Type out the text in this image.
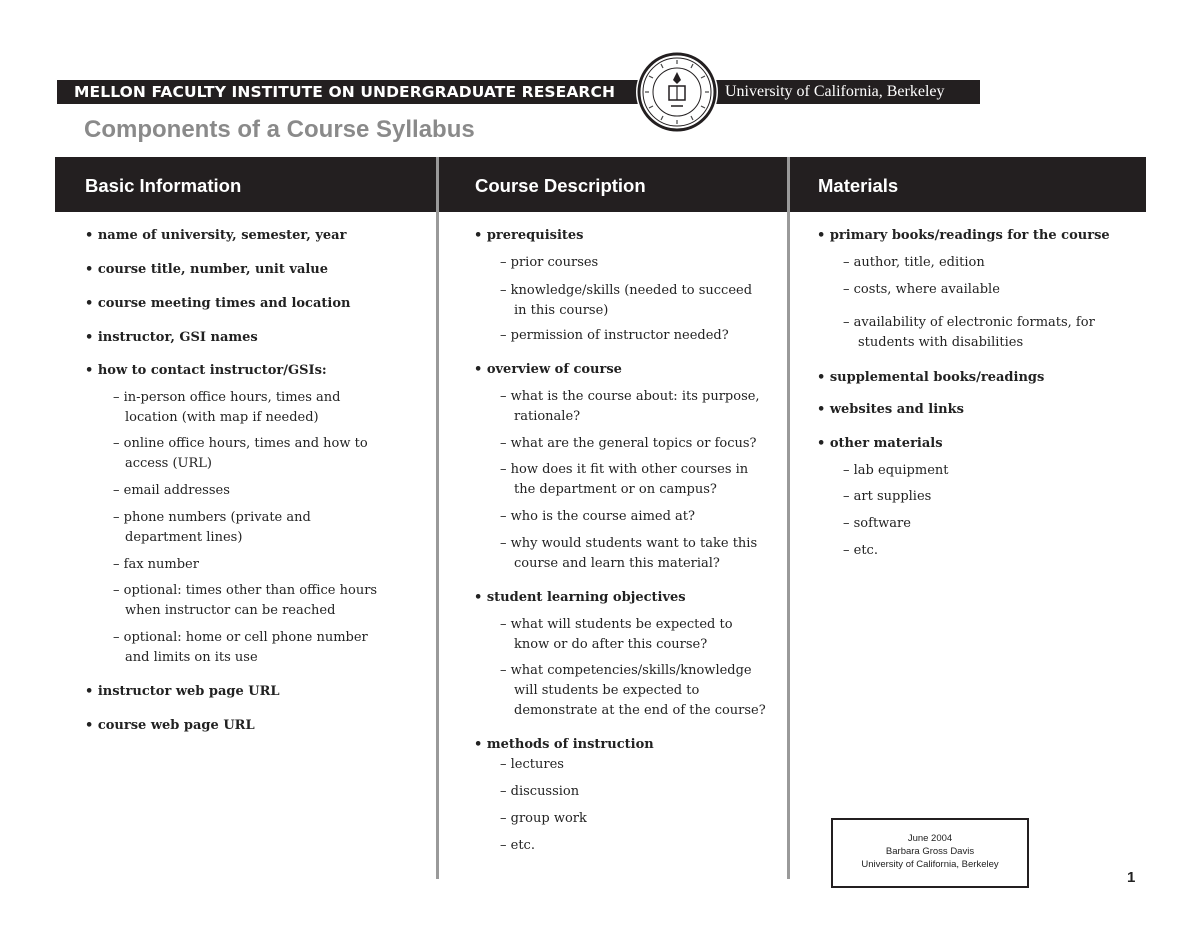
MELLON FACULTY INSTITUTE ON UNDERGRADUATE RESEARCH	University of California, Berkeley
Components of a Course Syllabus
Basic Information	Course Description	Materials
• name of university, semester, year
• course title, number, unit value
• course meeting times and location
• instructor, GSI names
• how to contact instructor/GSIs:
– in-person office hours, times and
location (with map if needed)
– online office hours, times and how to
access (URL)
– email addresses
– phone numbers (private and
department lines)
– fax number
– optional: times other than office hours
when instructor can be reached
– optional: home or cell phone number
and limits on its use
• instructor web page URL
• course web page URL
• prerequisites
– prior courses
– knowledge/skills (needed to succeed
in this course)
– permission of instructor needed?
• overview of course
– what is the course about: its purpose,
rationale?
– what are the general topics or focus?
– how does it fit with other courses in
the department or on campus?
– who is the course aimed at?
– why would students want to take this
course and learn this material?
• student learning objectives
– what will students be expected to
know or do after this course?
– what competencies/skills/knowledge
will students be expected to
demonstrate at the end of the course?
• methods of instruction
– lectures
– discussion
– group work
– etc.
• primary books/readings for the course
– author, title, edition
– costs, where available
– availability of electronic formats, for
students with disabilities
• supplemental books/readings
• websites and links
• other materials
– lab equipment
– art supplies
– software
– etc.
June 2004
Barbara Gross Davis
University of California, Berkeley
1
